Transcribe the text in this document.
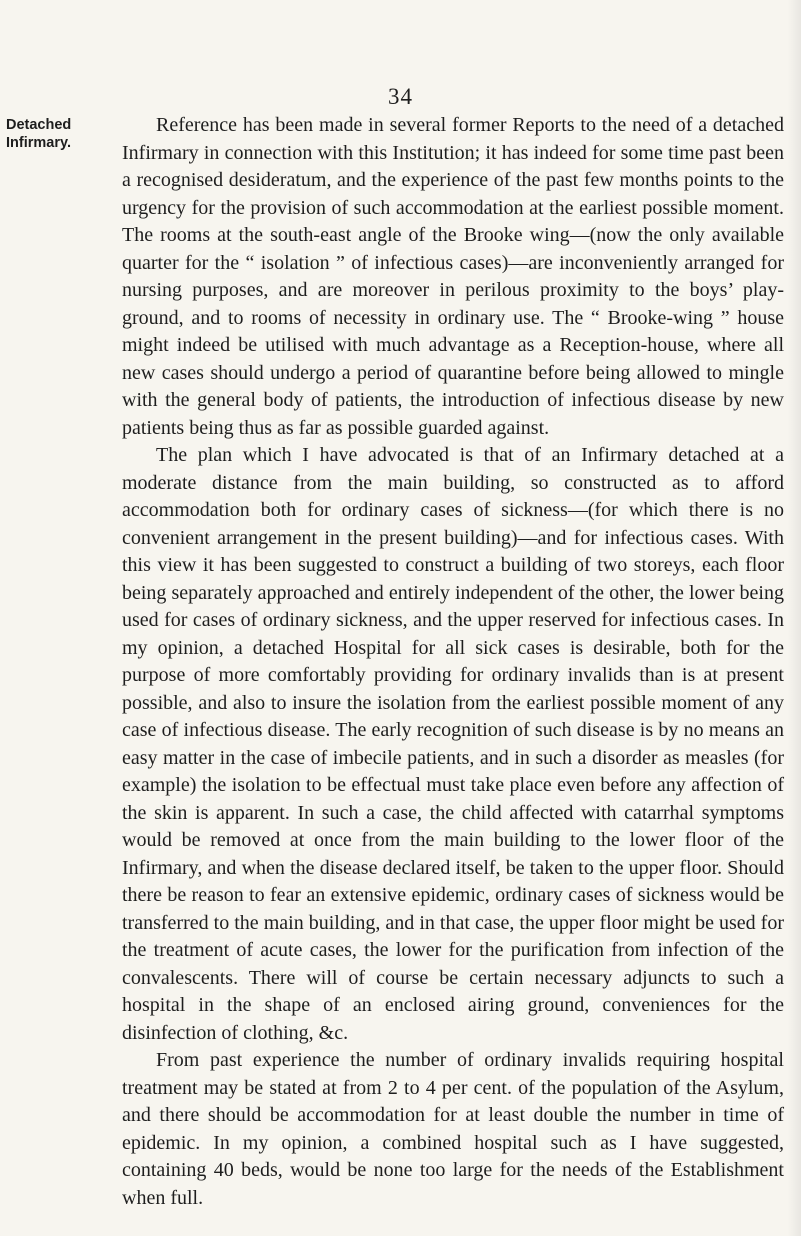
34
Detached
Infirmary.

Reference has been made in several former Reports to the need of a detached Infirmary in connection with this Institution; it has indeed for some time past been a recognised desideratum, and the experience of the past few months points to the urgency for the provision of such accommodation at the earliest possible moment. The rooms at the south-east angle of the Brooke wing—(now the only available quarter for the “ isolation ” of infectious cases)—are inconveniently arranged for nursing purposes, and are moreover in perilous proximity to the boys’ play-ground, and to rooms of necessity in ordinary use. The “ Brooke-wing ” house might indeed be utilised with much advantage as a Reception-house, where all new cases should undergo a period of quarantine before being allowed to mingle with the general body of patients, the introduction of infectious disease by new patients being thus as far as possible guarded against.

The plan which I have advocated is that of an Infirmary detached at a moderate distance from the main building, so constructed as to afford accommodation both for ordinary cases of sickness—(for which there is no convenient arrangement in the present building)—and for infectious cases. With this view it has been suggested to construct a building of two storeys, each floor being separately approached and entirely independent of the other, the lower being used for cases of ordinary sickness, and the upper reserved for infectious cases. In my opinion, a detached Hospital for all sick cases is desirable, both for the purpose of more comfortably providing for ordinary invalids than is at present possible, and also to insure the isolation from the earliest possible moment of any case of infectious disease. The early recognition of such disease is by no means an easy matter in the case of imbecile patients, and in such a disorder as measles (for example) the isolation to be effectual must take place even before any affection of the skin is apparent. In such a case, the child affected with catarrhal symptoms would be removed at once from the main building to the lower floor of the Infirmary, and when the disease declared itself, be taken to the upper floor. Should there be reason to fear an extensive epidemic, ordinary cases of sickness would be transferred to the main building, and in that case, the upper floor might be used for the treatment of acute cases, the lower for the purification from infection of the convalescents. There will of course be certain necessary adjuncts to such a hospital in the shape of an enclosed airing ground, conveniences for the disinfection of clothing, &c.

From past experience the number of ordinary invalids requiring hospital treatment may be stated at from 2 to 4 per cent. of the population of the Asylum, and there should be accommodation for at least double the number in time of epidemic. In my opinion, a combined hospital such as I have suggested, containing 40 beds, would be none too large for the needs of the Establishment when full.
